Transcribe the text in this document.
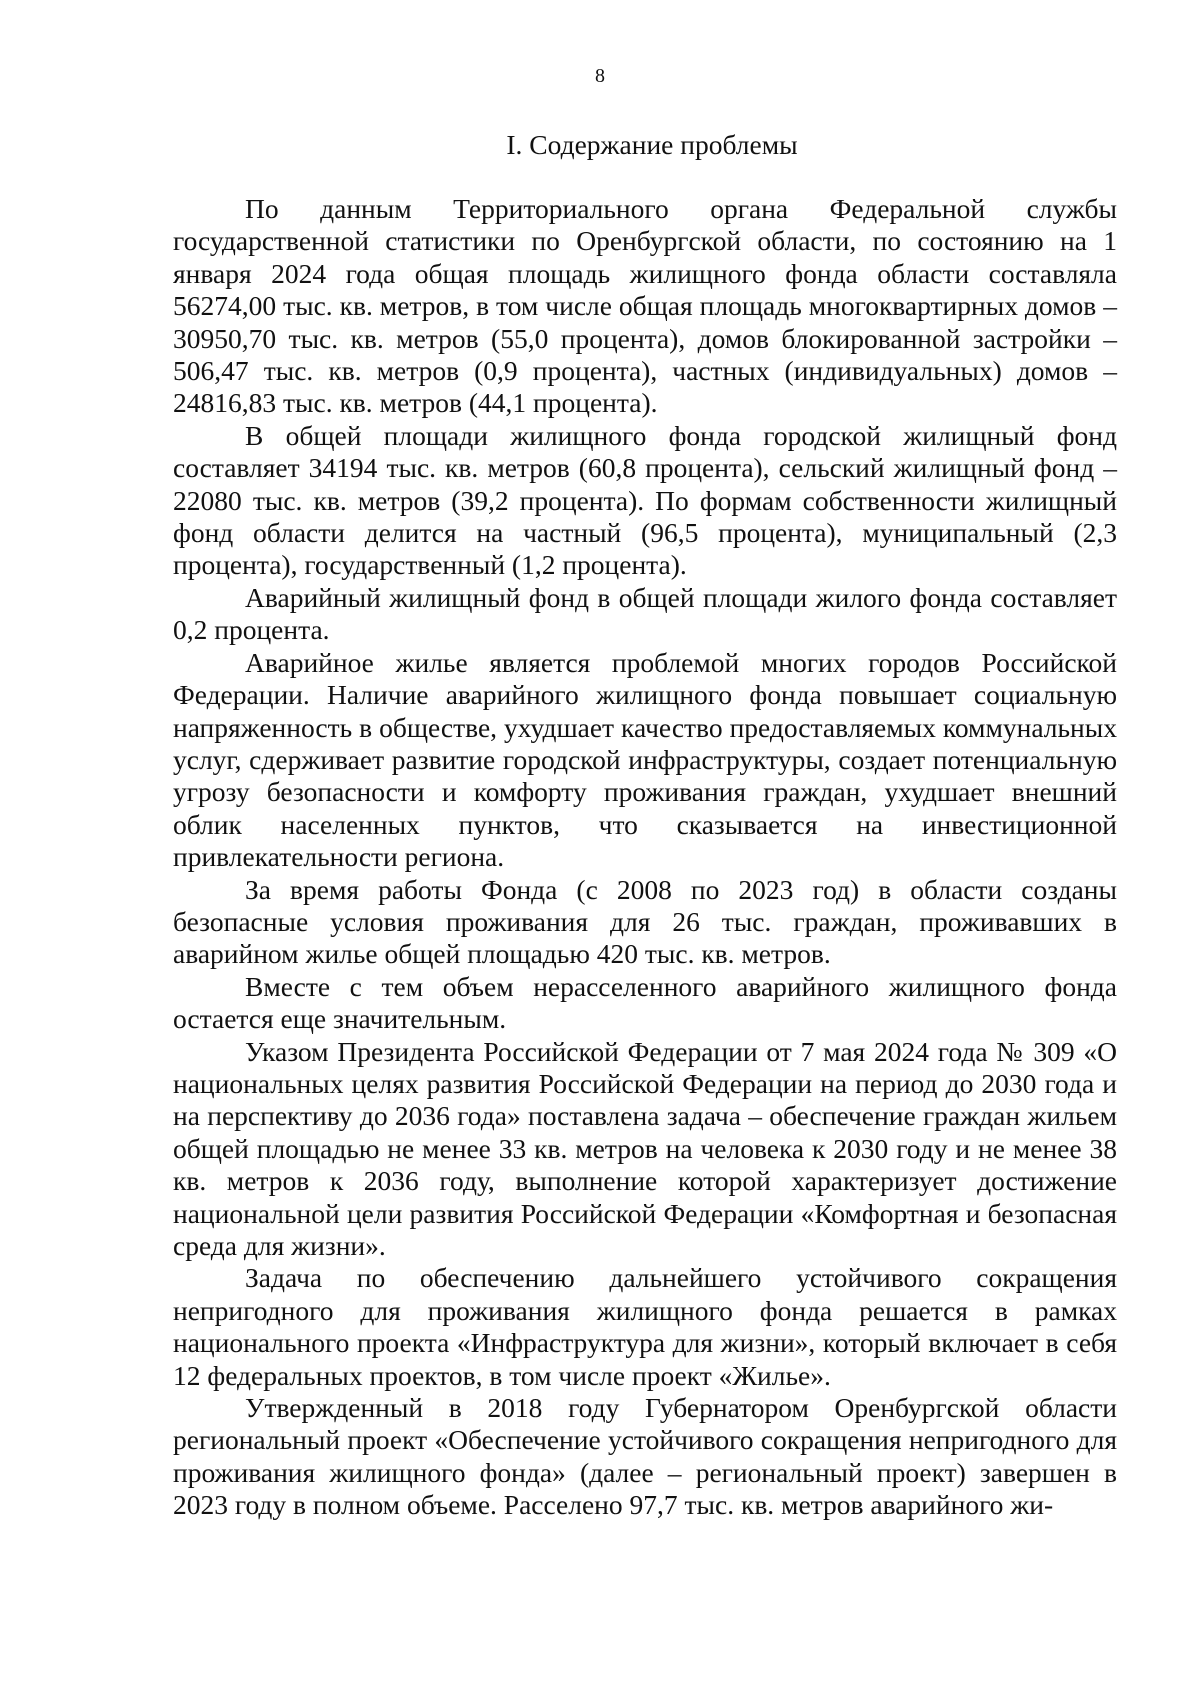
8
I. Содержание проблемы

По данным Территориального органа Федеральной службы государственной статистики по Оренбургской области, по состоянию на 1 января 2024 года общая площадь жилищного фонда области составляла 56274,00 тыс. кв. метров, в том числе общая площадь многоквартирных домов – 30950,70 тыс. кв. метров (55,0 процента), домов блокированной застройки – 506,47 тыс. кв. метров (0,9 процента), частных (индивидуальных) домов – 24816,83 тыс. кв. метров (44,1 процента).

В общей площади жилищного фонда городской жилищный фонд составляет 34194 тыс. кв. метров (60,8 процента), сельский жилищный фонд – 22080 тыс. кв. метров (39,2 процента). По формам собственности жилищный фонд области делится на частный (96,5 процента), муниципальный (2,3 процента), государственный (1,2 процента).

Аварийный жилищный фонд в общей площади жилого фонда составляет 0,2 процента.

Аварийное жилье является проблемой многих городов Российской Федерации. Наличие аварийного жилищного фонда повышает социальную напряженность в обществе, ухудшает качество предоставляемых коммунальных услуг, сдерживает развитие городской инфраструктуры, создает потенциальную угрозу безопасности и комфорту проживания граждан, ухудшает внешний облик населенных пунктов, что сказывается на инвестиционной привлекательности региона.

За время работы Фонда (с 2008 по 2023 год) в области созданы безопасные условия проживания для 26 тыс. граждан, проживавших в аварийном жилье общей площадью 420 тыс. кв. метров.

Вместе с тем объем нерасселенного аварийного жилищного фонда остается еще значительным.

Указом Президента Российской Федерации от 7 мая 2024 года № 309 «О национальных целях развития Российской Федерации на период до 2030 года и на перспективу до 2036 года» поставлена задача – обеспечение граждан жильем общей площадью не менее 33 кв. метров на человека к 2030 году и не менее 38 кв. метров к 2036 году, выполнение которой характеризует достижение национальной цели развития Российской Федерации «Комфортная и безопасная среда для жизни».

Задача по обеспечению дальнейшего устойчивого сокращения непригодного для проживания жилищного фонда решается в рамках национального проекта «Инфраструктура для жизни», который включает в себя 12 федеральных проектов, в том числе проект «Жилье».

Утвержденный в 2018 году Губернатором Оренбургской области региональный проект «Обеспечение устойчивого сокращения непригодного для проживания жилищного фонда» (далее – региональный проект) завершен в 2023 году в полном объеме. Расселено 97,7 тыс. кв. метров аварийного жи-
